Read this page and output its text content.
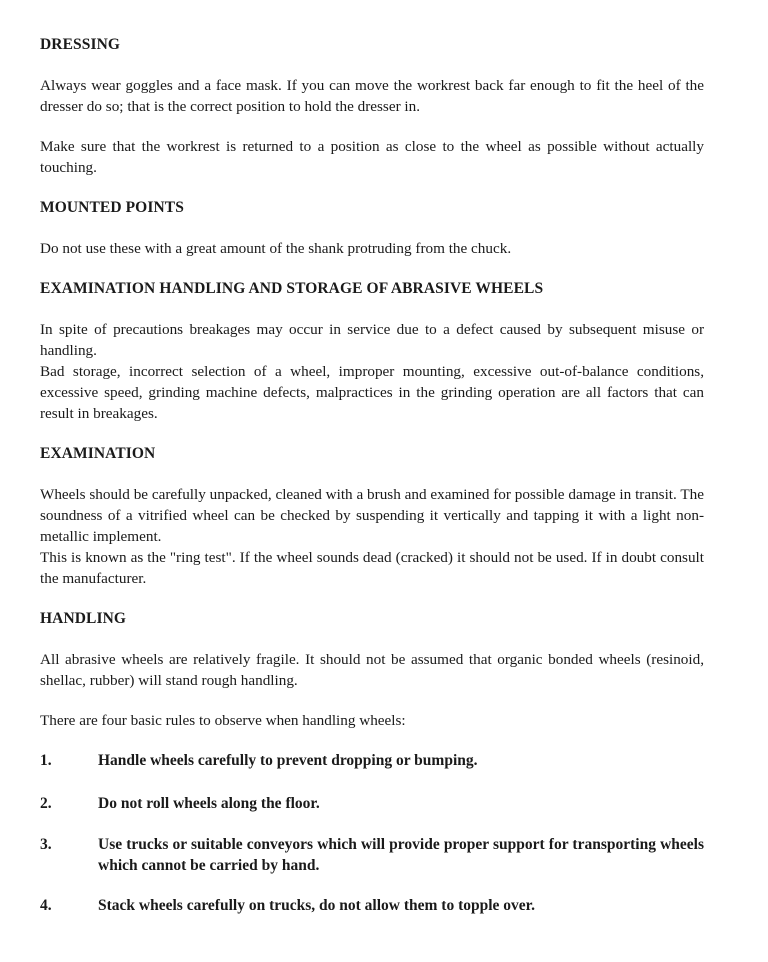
DRESSING

Always wear goggles and a face mask. If you can move the workrest back far enough to fit the heel of the dresser do so; that is the correct position to hold the dresser in.

Make sure that the workrest is returned to a position as close to the wheel as possible without actually touching.

MOUNTED POINTS

Do not use these with a great amount of the shank protruding from the chuck.

EXAMINATION HANDLING AND STORAGE OF ABRASIVE WHEELS

In spite of precautions breakages may occur in service due to a defect caused by subsequent misuse or handling.

Bad storage, incorrect selection of a wheel, improper mounting, excessive out-of-balance conditions, excessive speed, grinding machine defects, malpractices in the grinding operation are all factors that can result in breakages.

EXAMINATION

Wheels should be carefully unpacked, cleaned with a brush and examined for possible damage in transit. The soundness of a vitrified wheel can be checked by suspending it vertically and tapping it with a light non-metallic implement.

This is known as the "ring test". If the wheel sounds dead (cracked) it should not be used. If in doubt consult the manufacturer.

HANDLING

All abrasive wheels are relatively fragile. It should not be assumed that organic bonded wheels (resinoid, shellac, rubber) will stand rough handling.

There are four basic rules to observe when handling wheels:

1.	Handle wheels carefully to prevent dropping or bumping.
2.	Do not roll wheels along the floor.
3.	Use trucks or suitable conveyors which will provide proper support for transporting wheels which cannot be carried by hand.
4.	Stack wheels carefully on trucks, do not allow them to topple over.
